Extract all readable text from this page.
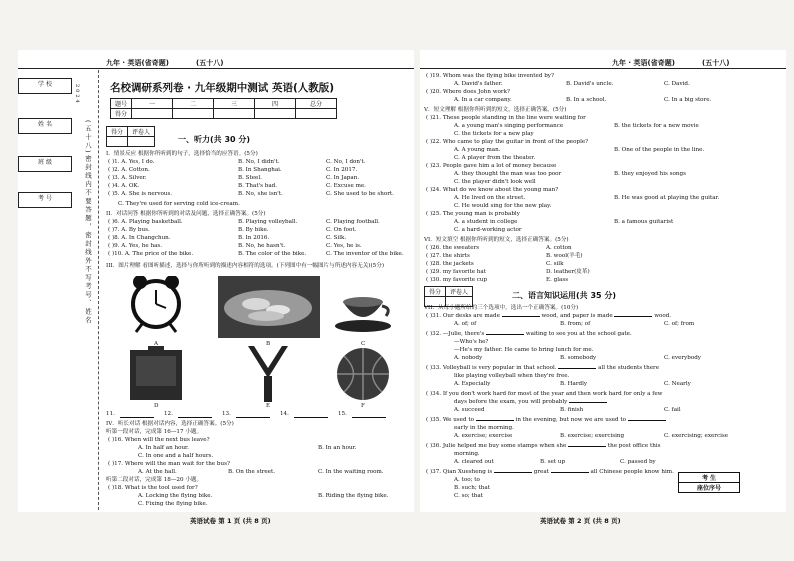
九年 · 英语(省奇题)	(五十八)
学 校
姓 名
班 级
考 号
2024
(五十八)密封线内不要答题，密封线外不写考号、姓名
名校调研系列卷 · 九年级期中测试 英语(人教版)
题号	一	二	三	四	总分
得分					
得分	评卷人

一、听力(共 30 分)
I．情景反应 根据你所听到的句子，选择恰当的应答语。(5分)
( )1. A. Yes, I do.	B. No, I didn't.	C. No, I don't.
( )2. A. Cotton.	B. In Shanghai.	C. In 2017.
( )3. A. Silver.	B. Steel.	C. In Japan.
( )4. A. OK.	B. That's bad.	C. Excuse me.
( )5. A. She is nervous.	B. No, she isn't.	C. She used to be short.
C. They're used for serving cold ice-cream.
II．对话问答 根据你所听到的对话及问题，选择正确答案。(5分)
( )6. A. Playing basketball.	B. Playing volleyball.	C. Playing football.
( )7. A. By bus.	B. By bike.	C. On foot.
( )8. A. In Changchun.	B. In 2016.	C. Silk.
( )9. A. Yes, he has.	B. No, he hasn't.	C. Yes, he is.
( )10. A. The price of the bike.	B. The color of the bike.	C. The inventor of the bike.
III．图片理解 看图听描述，选择与你所听到的描述内容相符的选项。(下列图中有一幅图片与所述内容无关)(5分)
A	B	C
D	E	F
11.	12.	13.	14.	15.
IV．听长对话 根据对话内容，选择正确答案。(5分)
听第一段对话，完成第 16—17 小题。
( )16. When will the next bus leave?
A. In half an hour.	B. In an hour.
C. In one and a half hours.
( )17. Where will the man wait for the bus?
A. At the hall.	B. On the street.	C. In the waiting room.
听第二段对话，完成第 18—20 小题。
( )18. What is the tool used for?
A. Locking the flying bike.	B. Riding the flying bike.
C. Fixing the flying bike.
英语试卷 第 1 页 (共 8 页)
九年 · 英语(省奇题)	(五十八)
( )19. Whom was the flying bike invented by?
A. David's father.	B. David's uncle.	C. David.
( )20. Where does John work?
A. In a car company.	B. In a school.	C. In a big store.
V．短文理解 根据你所听到的短文，选择正确答案。(5分)
( )21. These people standing in the line were waiting for
A. a young man's singing performance	B. the tickets for a new movie
C. the tickets for a new play
( )22. Who came to play the guitar in front of the people?
A. A young man.	B. One of the people in the line.
C. A player from the theater.
( )23. People gave him a lot of money because
A. they thought the man was too poor	B. they enjoyed his songs
C. the player didn't look well
( )24. What do we know about the young man?
A. He lived on the street.	B. He was good at playing the guitar.
C. He would sing for the new play.
( )25. The young man is probably
A. a student in college	B. a famous guitarist
C. a hard-working actor
VI．短文填空 根据你所听到的短文，选择正确答案。(5分)
( )26. the sweaters	A. cotton
( )27. the shirts	B. wool(羊毛)
( )28. the jackets	C. silk
( )29. my favorite hat	D. leather(皮革)
( )30. my favorite cup	E. glass
得分	评卷人
		二、语言知识运用(共 35 分)
VII．从每小题所给的三个选项中，选出一个正确答案。(10分)
( )31. Our desks are made	wood, and paper is made	wood.
A. of; of	B. from; of	C. of; from
( )32. —Julie, there's	waiting to see you at the school gate.
—Who's he?
—He's my father. He came to bring lunch for me.
A. nobody	B. somebody	C. everybody
( )33. Volleyball is very popular in that school.	all the students there
like playing volleyball when they're free.
A. Especially	B. Hardly	C. Nearly
( )34. If you don't work hard for most of the year and then work hard for only a few
days before the exam, you will probably
A. succeed	B. finish	C. fail
( )35. We used to	in the evening, but now we are used to
early in the morning.
A. exercise; exercise	B. exercise; exercising	C. exercising; exercise
( )36. Julie helped me buy some stamps when she	the post office this
morning.
A. cleared out	B. set up	C. passed by
( )37. Qian Xuesheng is	great	all Chinese people know him.
A. too; to
B. such; that
C. so; that
考 生
座位序号
英语试卷 第 2 页 (共 8 页)
